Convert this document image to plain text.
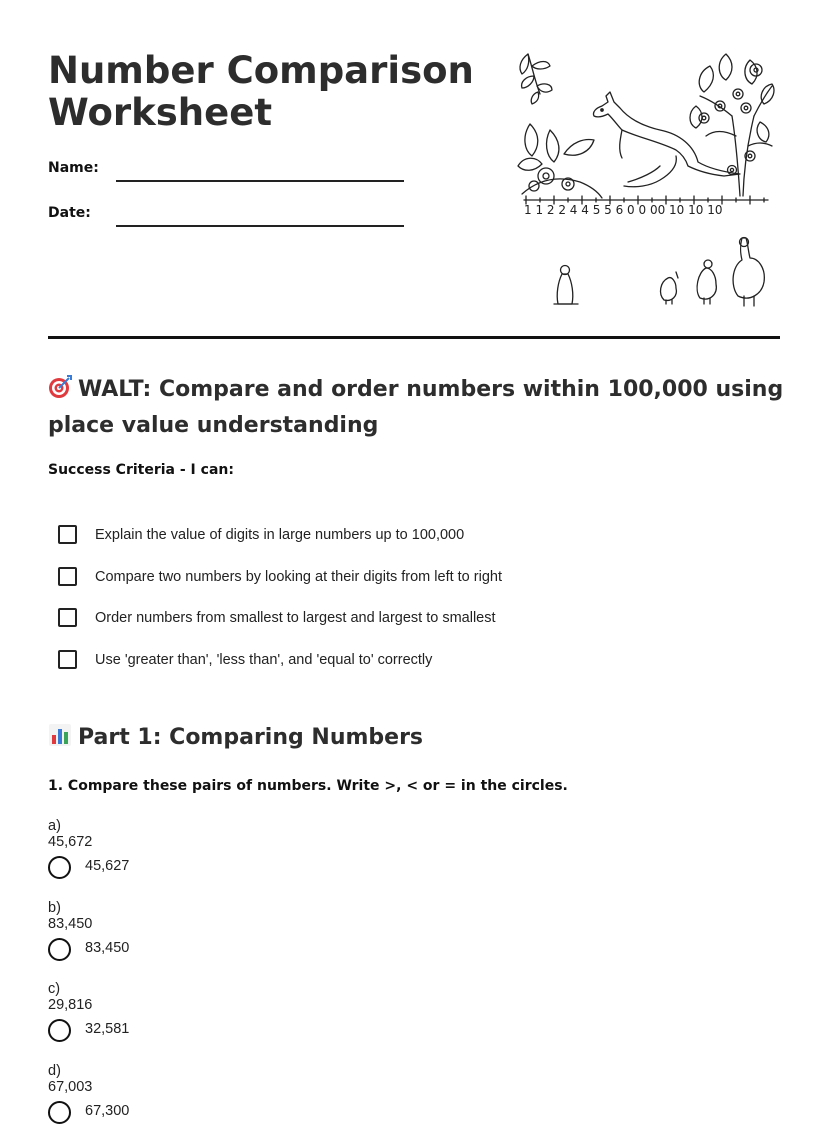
Number Comparison Worksheet
Name:
Date:	1 1 2 2 4 4 5 5 6 0 0 00 10 10 10
WALT: Compare and order numbers within 100,000 using place value understanding
Success Criteria - I can:
Explain the value of digits in large numbers up to 100,000
Compare two numbers by looking at their digits from left to right
Order numbers from smallest to largest and largest to smallest
Use 'greater than', 'less than', and 'equal to' correctly
Part 1: Comparing Numbers
1. Compare these pairs of numbers. Write >, < or = in the circles.
a) 45,672
45,627
b) 83,450
83,450
c) 29,816
32,581
d) 67,003
67,300
